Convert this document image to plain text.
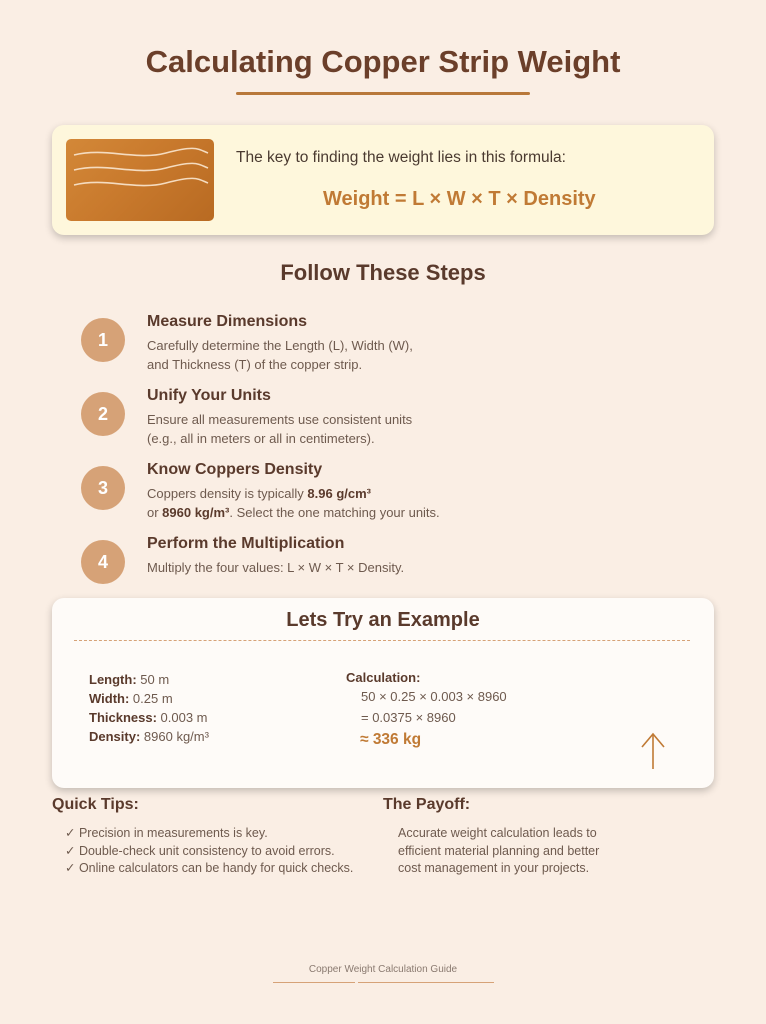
Calculating Copper Strip Weight
The key to finding the weight lies in this formula:
Weight = L × W × T × Density
Follow These Steps
1
Measure Dimensions
Carefully determine the Length (L), Width (W),
and Thickness (T) of the copper strip.
2
Unify Your Units
Ensure all measurements use consistent units
(e.g., all in meters or all in centimeters).
3
Know Coppers Density
Coppers density is typically 8.96 g/cm³
or 8960 kg/m³. Select the one matching your units.
4
Perform the Multiplication
Multiply the four values: L × W × T × Density.
Lets Try an Example
Length: 50 m
Width: 0.25 m
Thickness: 0.003 m
Density: 8960 kg/m³
Calculation:
50 × 0.25 × 0.003 × 8960
= 0.0375 × 8960
≈ 336 kg
Quick Tips:
✓ Precision in measurements is key.
✓ Double-check unit consistency to avoid errors.
✓ Online calculators can be handy for quick checks.
The Payoff:
Accurate weight calculation leads to efficient material planning and better cost management in your projects.
Copper Weight Calculation Guide
